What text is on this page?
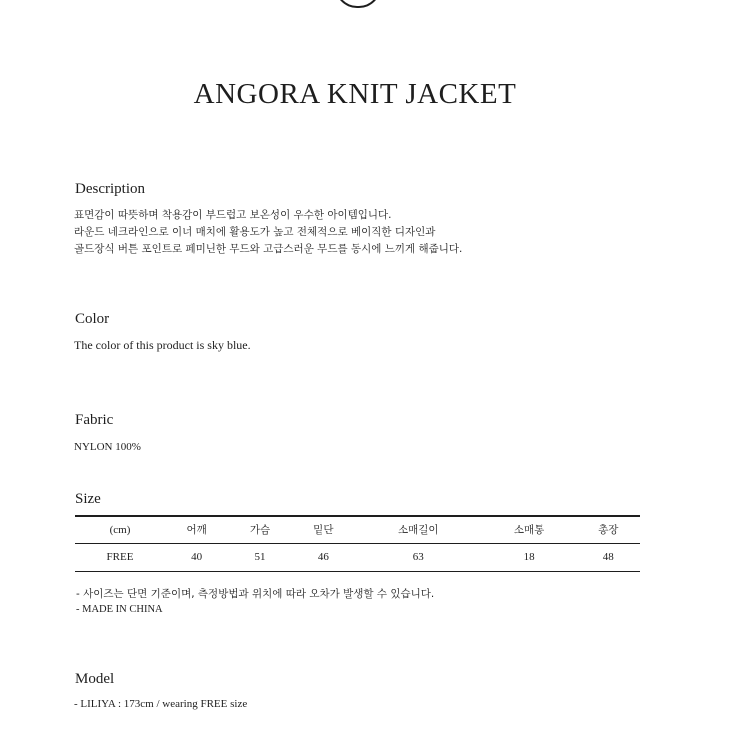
ANGORA KNIT JACKET
Description
표면감이 따뜻하며 착용감이 부드럽고 보온성이 우수한 아이템입니다.
라운드 네크라인으로 이너 매치에 활용도가 높고 전체적으로 베이직한 디자인과
골드장식 버튼 포인트로 페미닌한 무드와 고급스러운 무드를 동시에 느끼게 해줍니다.
Color
The color of this product is sky blue.
Fabric
NYLON 100%
Size
(cm)	어깨	가슴	밑단	소매길이	소매통	총장
FREE	40	51	46	63	18	48
- 사이즈는 단면 기준이며, 측정방법과 위치에 따라 오차가 발생할 수 있습니다.
- MADE IN CHINA
Model
- LILIYA : 173cm / wearing FREE size
